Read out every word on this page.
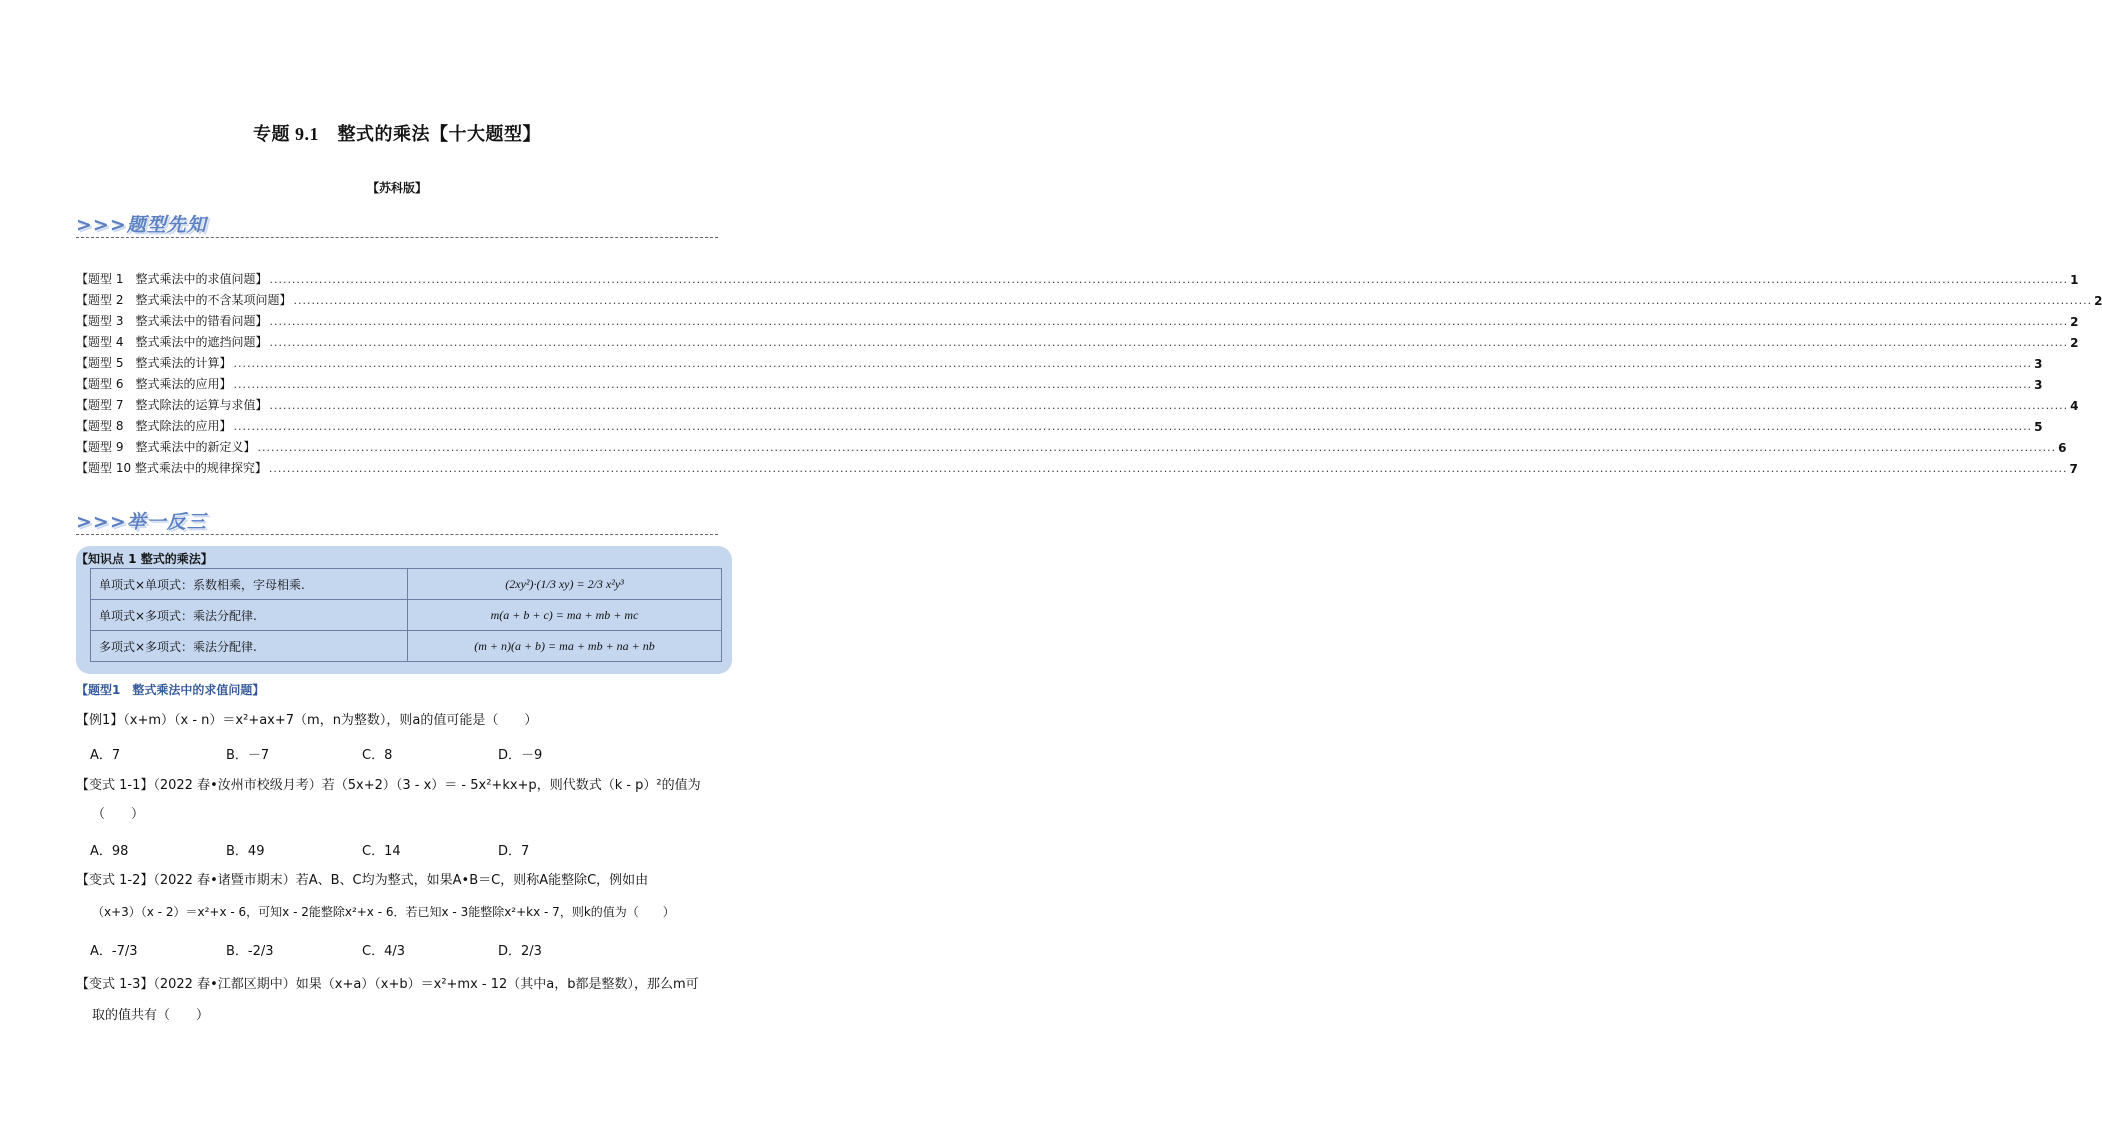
专题 9.1　整式的乘法【十大题型】
【苏科版】
>>>题型先知
【题型 1　整式乘法中的求值问题】 ................................................................................................................................................................................................................................................................................................................................................................................................................ 1
【题型 2　整式乘法中的不含某项问题】 ................................................................................................................................................................................................................................................................................................................................................................................................................ 2
【题型 3　整式乘法中的错看问题】 ................................................................................................................................................................................................................................................................................................................................................................................................................ 2
【题型 4　整式乘法中的遮挡问题】 ................................................................................................................................................................................................................................................................................................................................................................................................................ 2
【题型 5　整式乘法的计算】 ................................................................................................................................................................................................................................................................................................................................................................................................................ 3
【题型 6　整式乘法的应用】 ................................................................................................................................................................................................................................................................................................................................................................................................................ 3
【题型 7　整式除法的运算与求值】 ................................................................................................................................................................................................................................................................................................................................................................................................................ 4
【题型 8　整式除法的应用】 ................................................................................................................................................................................................................................................................................................................................................................................................................ 5
【题型 9　整式乘法中的新定义】 ................................................................................................................................................................................................................................................................................................................................................................................................................ 6
【题型 10 整式乘法中的规律探究】 ................................................................................................................................................................................................................................................................................................................................................................................................................ 7
>>>举一反三
【知识点 1 整式的乘法】
单项式×单项式：系数相乘，字母相乘.	(2xy²)·(1/3 xy) = 2/3 x²y³
单项式×多项式：乘法分配律.	m(a + b + c) = ma + mb + mc
多项式×多项式：乘法分配律.	(m + n)(a + b) = ma + mb + na + nb
【题型1　整式乘法中的求值问题】
【例1】（x+m）（x - n）＝x²+ax+7（m，n为整数），则a的值可能是（　　）
A．7	B．－7	C．8	D．－9
【变式 1-1】（2022 春•汝州市校级月考）若（5x+2）（3 - x）＝ - 5x²+kx+p，则代数式（k - p）²的值为
（　　）
A．98	B．49	C．14	D．7
【变式 1-2】（2022 春•诸暨市期末）若A、B、C均为整式，如果A•B＝C，则称A能整除C，例如由
（x+3）（x - 2）＝x²+x - 6，可知x - 2能整除x²+x - 6．若已知x - 3能整除x²+kx - 7，则k的值为（　　）
A．-7/3	B．-2/3	C．4/3	D．2/3
【变式 1-3】（2022 春•江都区期中）如果（x+a）（x+b）＝x²+mx - 12（其中a，b都是整数），那么m可
取的值共有（　　）
